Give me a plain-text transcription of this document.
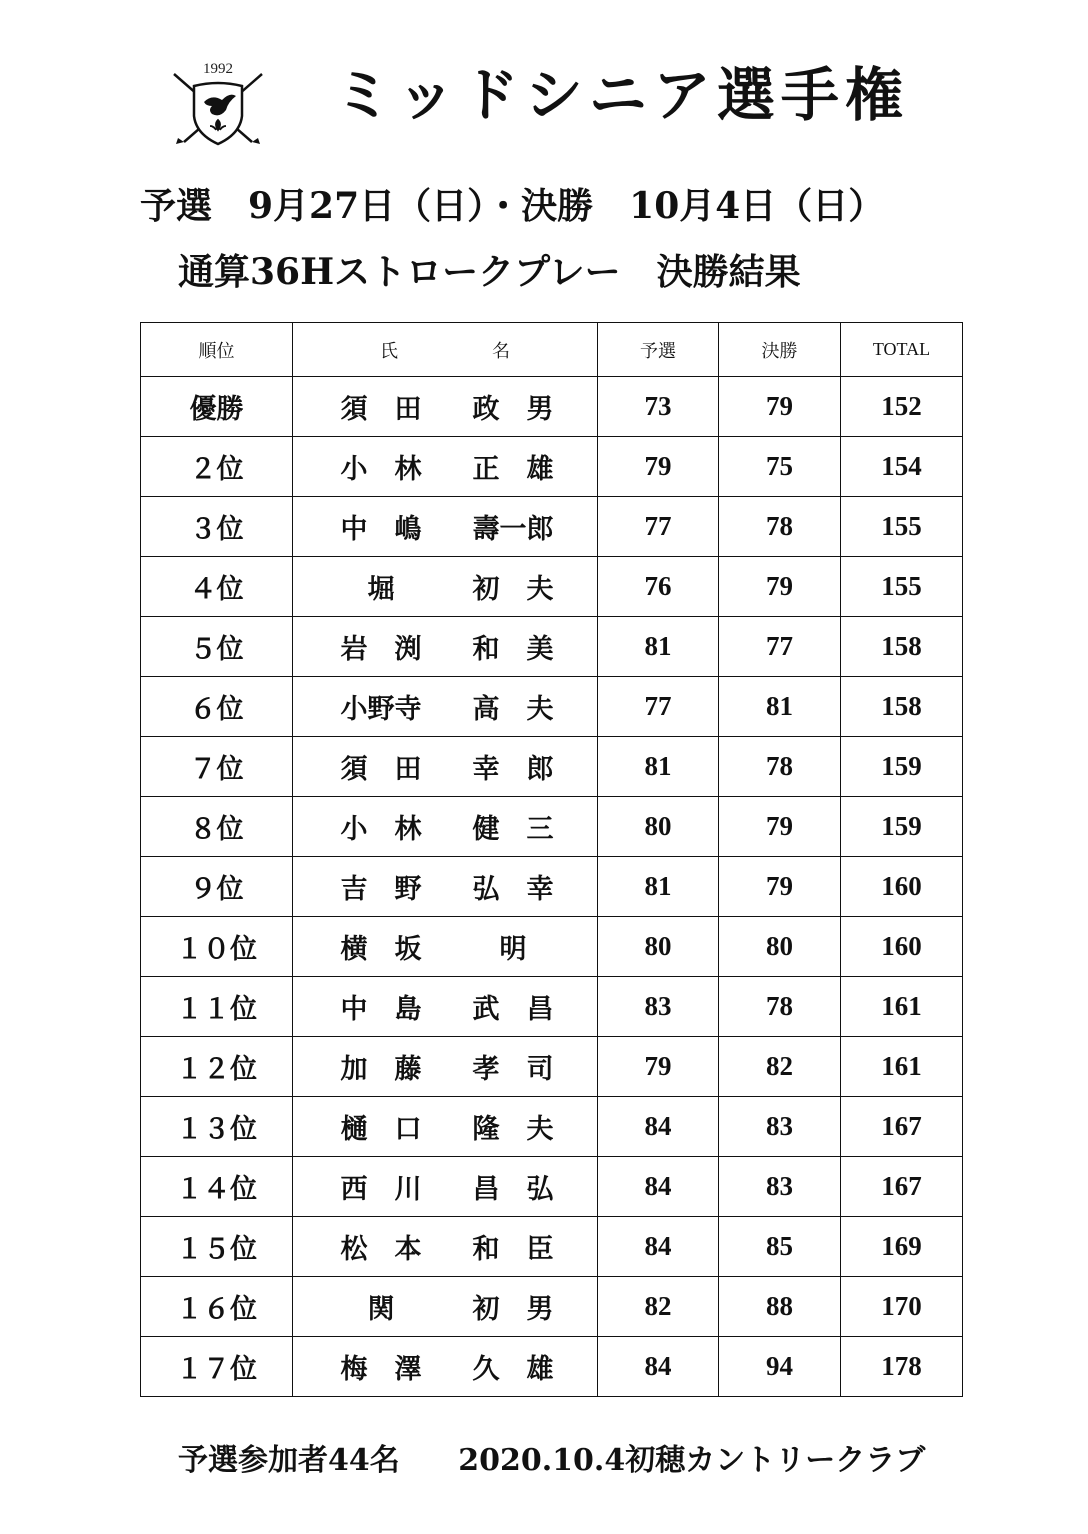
1992	ミッドシニア選手権
予選　9月27日（日）・決勝　10月4日（日）
通算36Hストロークプレー　決勝結果
順位	氏 名	予選	決勝	TOTAL
優勝	須　田 政　男	73	79	152
２位	小　林 正　雄	79	75	154
３位	中　嶋 壽一郎	77	78	155
４位	堀 初　夫	76	79	155
５位	岩　渕 和　美	81	77	158
６位	小野寺 高　夫	77	81	158
７位	須　田 幸　郎	81	78	159
８位	小　林 健　三	80	79	159
９位	吉　野 弘　幸	81	79	160
１０位	横　坂 明	80	80	160
１１位	中　島 武　昌	83	78	161
１２位	加　藤 孝　司	79	82	161
１３位	樋　口 隆　夫	84	83	167
１４位	西　川 昌　弘	84	83	167
１５位	松　本 和　臣	84	85	169
１６位	関 初　男	82	88	170
１７位	梅　澤 久　雄	84	94	178
予選参加者44名 2020.10.4初穂カントリークラブ
